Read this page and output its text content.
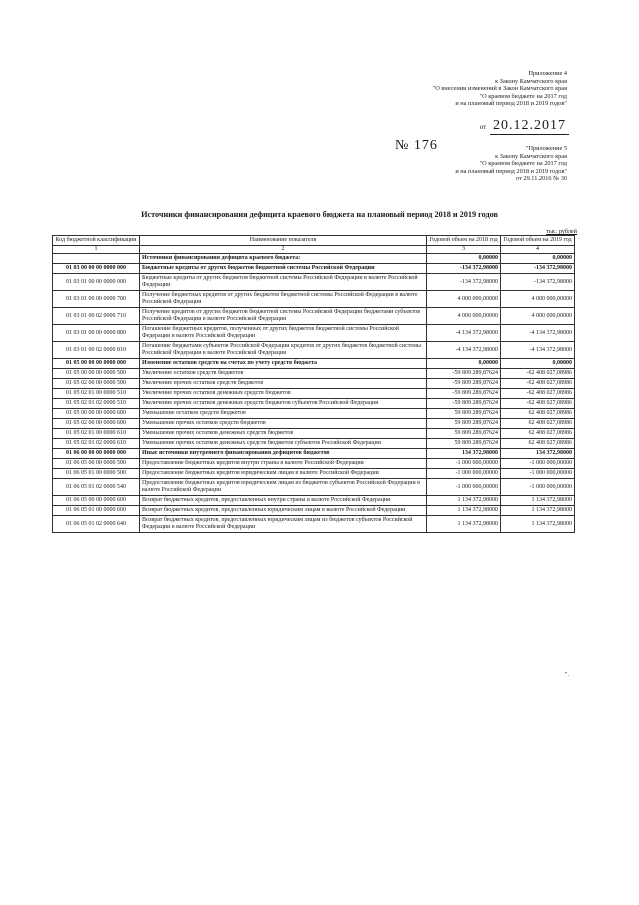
Приложение 4
к Закону Камчатского края
"О внесении изменений в Закон Камчатского края
"О краевом бюджете на 2017 год
и на плановый период 2018 и 2019 годов"
от 20.12.2017
№ 176	"Приложение 5
к Закону Камчатского края
"О краевом бюджете на 2017 год
и на плановый период 2018 и 2019 годов"
от 29.11.2016 № 30
Источники финансирования дефицита краевого бюджета на плановый период 2018 и 2019 годов
тыс. рублей
Код бюджетной классификации	Наименование показателя	Годовой объем на 2018 год	Годовой объем на 2019 год
1	2	3	4
	Источники финансирования дефицита краевого бюджета:	0,00000	0,00000
01 03 00 00 00 0000 000	Бюджетные кредиты от других бюджетов бюджетной системы Российской Федерации	-134 372,98000	-134 372,98000
01 03 01 00 00 0000 000	Бюджетные кредиты от других бюджетов бюджетной системы Российской Федерации в валюте Российской Федерации	-134 372,98000	-134 372,98000
01 03 01 00 00 0000 700	Получение бюджетных кредитов от других бюджетов бюджетной системы Российской Федерации в валюте Российской Федерации	4 000 000,00000	4 000 000,00000
01 03 01 00 02 0000 710	Получение кредитов от других бюджетов бюджетной системы Российской Федерации бюджетами субъектов Российской Федерации в валюте Российской Федерации	4 000 000,00000	4 000 000,00000
01 03 01 00 00 0000 800	Погашение бюджетных кредитов, полученных от других бюджетов бюджетной системы Российской Федерации в валюте Российской Федерации	-4 134 372,98000	-4 134 372,98000
01 03 01 00 02 0000 810	Погашение бюджетами субъектов Российской Федерации кредитов от других бюджетов бюджетной системы Российской Федерации в валюте Российской Федерации	-4 134 372,98000	-4 134 372,98000
01 05 00 00 00 0000 000	Изменение остатков средств на счетах по учету средств бюджета	0,00000	0,00000
01 05 00 00 00 0000 500	Увеличение остатков средств бюджетов	-59 809 289,87624	-62 408 027,08986
01 05 02 00 00 0000 500	Увеличение прочих остатков средств бюджетов	-59 809 289,87624	-62 408 027,08986
01 05 02 01 00 0000 510	Увеличение прочих остатков денежных средств бюджетов	-59 809 289,87624	-62 408 027,08986
01 05 02 01 02 0000 510	Увеличение прочих остатков денежных средств бюджетов субъектов Российской Федерации	-59 809 289,87624	-62 408 027,08986
01 05 00 00 00 0000 600	Уменьшение остатков средств бюджетов	59 809 289,87624	62 408 027,08986
01 05 02 00 00 0000 600	Уменьшение прочих остатков средств бюджетов	59 809 289,87624	62 408 027,08986
01 05 02 01 00 0000 610	Уменьшение прочих остатков денежных средств бюджетов	59 809 289,87624	62 408 027,08986
01 05 02 01 02 0000 610	Уменьшение прочих остатков денежных средств бюджетов субъектов Российской Федерации	59 809 289,87624	62 408 027,08986
01 06 00 00 00 0000 000	Иные источники внутреннего финансирования дефицитов бюджетов	134 372,98000	134 372,98000
01 06 05 00 00 0000 500	Предоставление бюджетных кредитов внутри страны в валюте Российской Федерации	-1 000 000,00000	-1 000 000,00000
01 06 05 01 00 0000 500	Предоставление бюджетных кредитов юридическим лицам в валюте Российской Федерации	-1 000 000,00000	-1 000 000,00000
01 06 05 01 02 0000 540	Предоставление бюджетных кредитов юридическим лицам из бюджетов субъектов Российской Федерации в валюте Российской Федерации	-1 000 000,00000	-1 000 000,00000
01 06 05 00 00 0000 600	Возврат бюджетных кредитов, предоставленных внутри страны в валюте Российской Федерации	1 134 372,98000	1 134 372,98000
01 06 05 01 00 0000 600	Возврат бюджетных кредитов, предоставленных юридическим лицам в валюте Российской Федерации	1 134 372,98000	1 134 372,98000
01 06 05 01 02 0000 640	Возврат бюджетных кредитов, предоставленных юридическим лицам из бюджетов субъектов Российской Федерации в валюте Российской Федерации	1 134 372,98000	1 134 372,98000
".
